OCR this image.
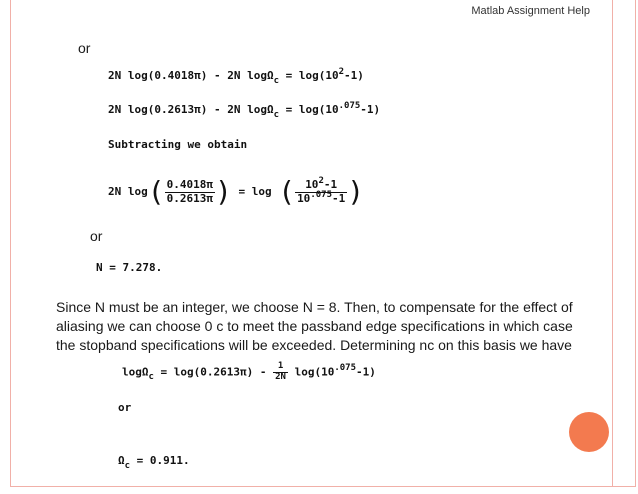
Matlab Assignment Help
or
2N log(0.4018π) - 2N $\log\Omega_c = \log(10^2-1)$
2N log(0.2613π) - 2N $\log\Omega_c = \log(10^{.075}-1)$
Subtracting we obtain
2N $\log( \frac{0.4018\pi}{0.2613\pi}$ ) = log ( $\frac{10^2-1}{10^{.075}-1}$ )
or
N = 7.278.
Since N must be an integer, we choose N = 8. Then, to compensate for the effect of aliasing we can choose 0 c to meet the passband edge specifications in which case the stopband specifications will be exceeded. Determining nc on this basis we have
$\log\Omega_c = \log(0.2613\pi) - \frac{1}{2N} \log(10^{.075}-1)$
or
$\Omega_c = 0.911$.
